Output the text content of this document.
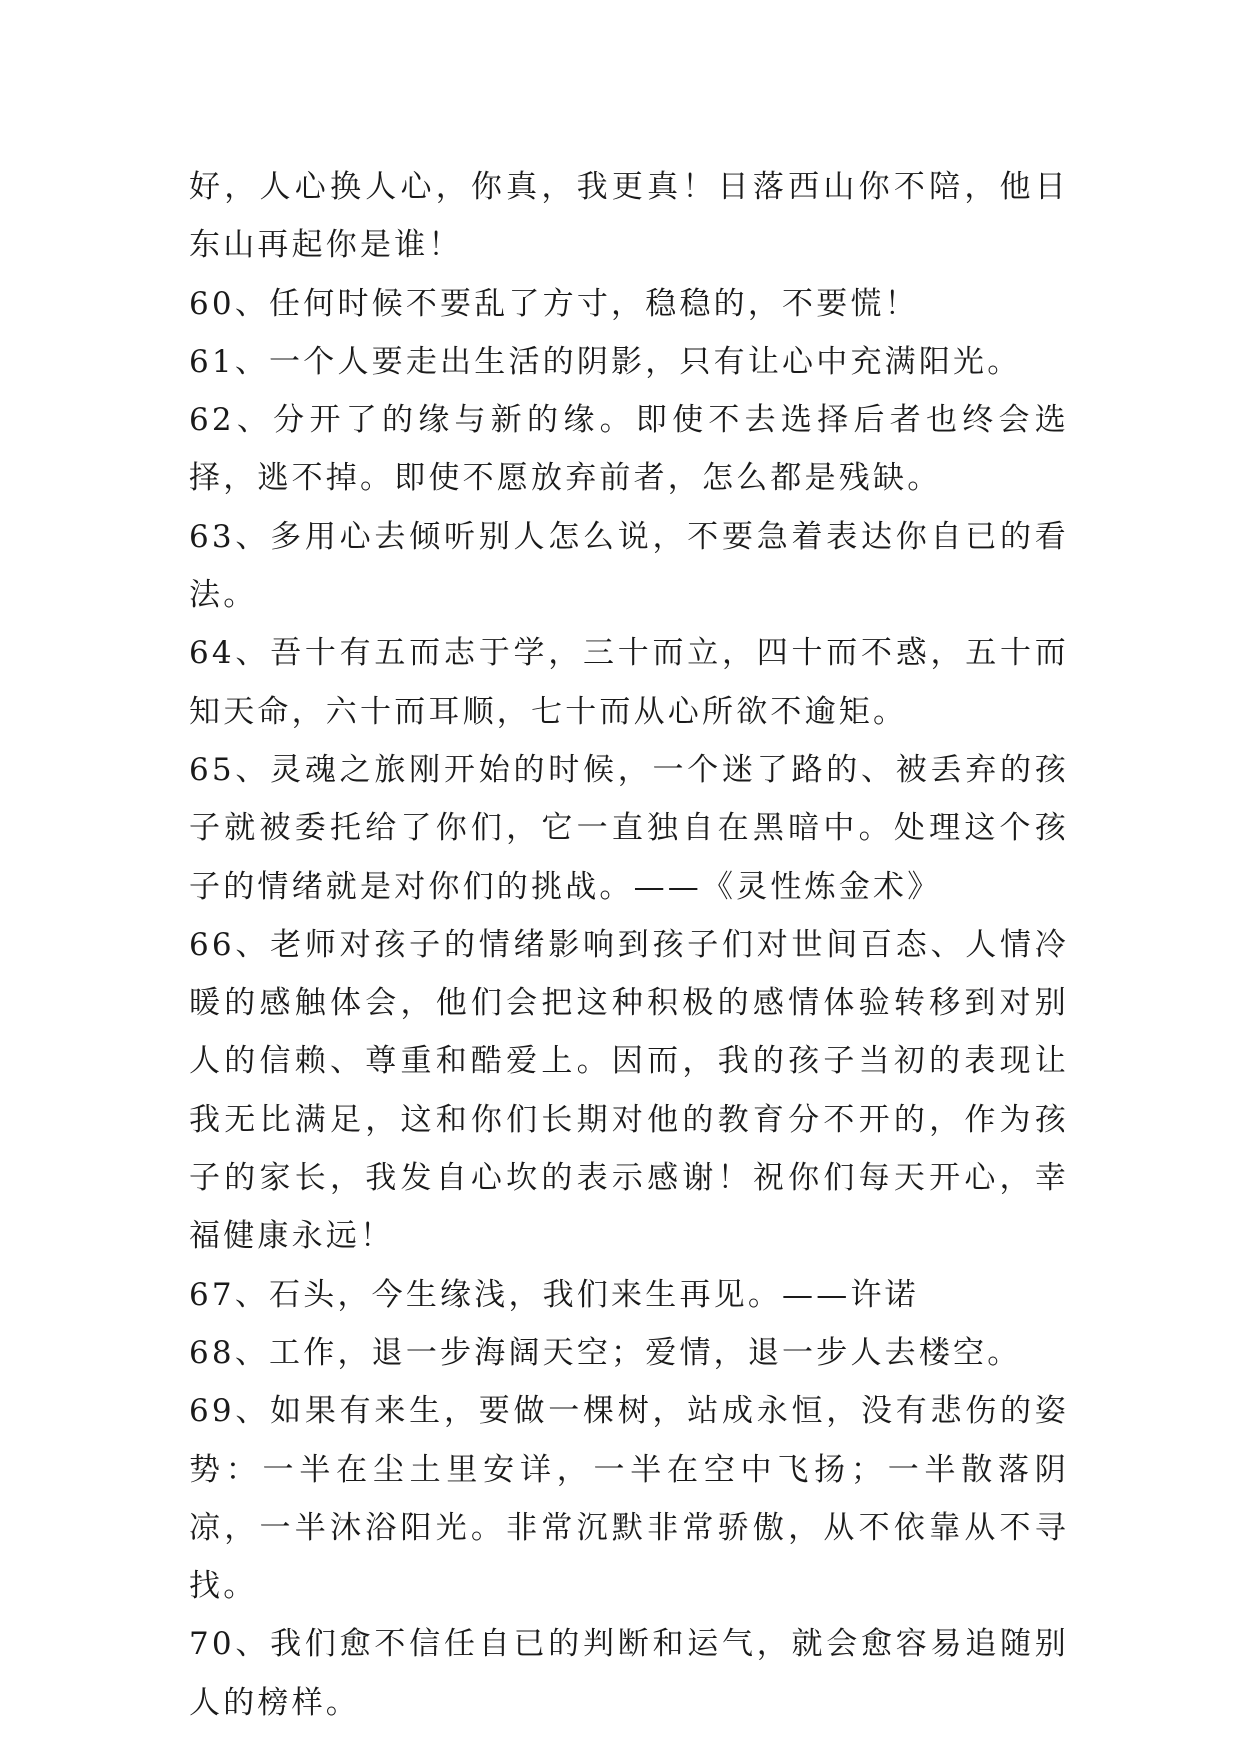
好，人心换人心，你真，我更真！日落西山你不陪，他日东山再起你是谁！

60、任何时候不要乱了方寸，稳稳的，不要慌！

61、一个人要走出生活的阴影，只有让心中充满阳光。

62、分开了的缘与新的缘。即使不去选择后者也终会选择，逃不掉。即使不愿放弃前者，怎么都是残缺。

63、多用心去倾听别人怎么说，不要急着表达你自已的看法。

64、吾十有五而志于学，三十而立，四十而不惑，五十而知天命，六十而耳顺，七十而从心所欲不逾矩。

65、灵魂之旅刚开始的时候，一个迷了路的、被丢弃的孩子就被委托给了你们，它一直独自在黑暗中。处理这个孩子的情绪就是对你们的挑战。——《灵性炼金术》

66、老师对孩子的情绪影响到孩子们对世间百态、人情冷暖的感触体会，他们会把这种积极的感情体验转移到对别人的信赖、尊重和酷爱上。因而，我的孩子当初的表现让我无比满足，这和你们长期对他的教育分不开的，作为孩子的家长，我发自心坎的表示感谢！祝你们每天开心，幸福健康永远！

67、石头，今生缘浅，我们来生再见。——许诺

68、工作，退一步海阔天空；爱情，退一步人去楼空。

69、如果有来生，要做一棵树，站成永恒，没有悲伤的姿势：一半在尘土里安详，一半在空中飞扬；一半散落阴凉，一半沐浴阳光。非常沉默非常骄傲，从不依靠从不寻找。

70、我们愈不信任自已的判断和运气，就会愈容易追随别人的榜样。
